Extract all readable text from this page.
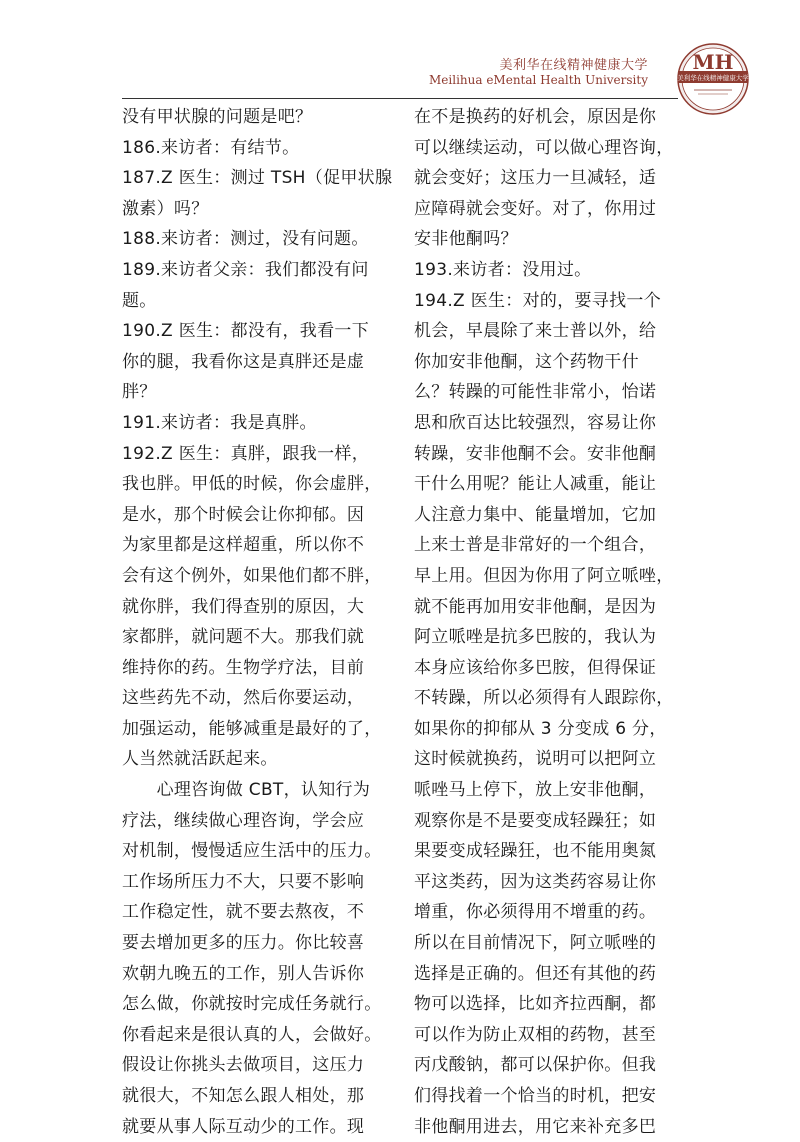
美利华在线精神健康大学
Meilihua eMental Health University
MH
美利华在线精神健康大学
没有甲状腺的问题是吧？
186.来访者：有结节。
187.Z 医生：测过 TSH（促甲状腺
激素）吗？
188.来访者：测过，没有问题。
189.来访者父亲：我们都没有问
题。
190.Z 医生：都没有，我看一下
你的腿，我看你这是真胖还是虚
胖？
191.来访者：我是真胖。
192.Z 医生：真胖，跟我一样，
我也胖。甲低的时候，你会虚胖，
是水，那个时候会让你抑郁。因
为家里都是这样超重，所以你不
会有这个例外，如果他们都不胖，
就你胖，我们得查别的原因，大
家都胖，就问题不大。那我们就
维持你的药。生物学疗法，目前
这些药先不动，然后你要运动，
加强运动，能够减重是最好的了，
人当然就活跃起来。
　　心理咨询做 CBT，认知行为
疗法，继续做心理咨询，学会应
对机制，慢慢适应生活中的压力。
工作场所压力不大，只要不影响
工作稳定性，就不要去熬夜，不
要去增加更多的压力。你比较喜
欢朝九晚五的工作，别人告诉你
怎么做，你就按时完成任务就行。
你看起来是很认真的人，会做好。
假设让你挑头去做项目，这压力
就很大，不知怎么跟人相处，那
就要从事人际互动少的工作。现
在不是换药的好机会，原因是你
可以继续运动，可以做心理咨询，
就会变好；这压力一旦减轻，适
应障碍就会变好。对了，你用过
安非他酮吗？
193.来访者：没用过。
194.Z 医生：对的，要寻找一个
机会，早晨除了来士普以外，给
你加安非他酮，这个药物干什
么？转躁的可能性非常小，怡诺
思和欣百达比较强烈，容易让你
转躁，安非他酮不会。安非他酮
干什么用呢？能让人减重，能让
人注意力集中、能量增加，它加
上来士普是非常好的一个组合，
早上用。但因为你用了阿立哌唑，
就不能再加用安非他酮，是因为
阿立哌唑是抗多巴胺的，我认为
本身应该给你多巴胺，但得保证
不转躁，所以必须得有人跟踪你，
如果你的抑郁从 3 分变成 6 分，
这时候就换药，说明可以把阿立
哌唑马上停下，放上安非他酮，
观察你是不是要变成轻躁狂；如
果要变成轻躁狂，也不能用奥氮
平这类药，因为这类药容易让你
增重，你必须得用不增重的药。
所以在目前情况下，阿立哌唑的
选择是正确的。但还有其他的药
物可以选择，比如齐拉西酮，都
可以作为防止双相的药物，甚至
丙戊酸钠，都可以保护你。但我
们得找着一个恰当的时机，把安
非他酮用进去，用它来补充多巴
